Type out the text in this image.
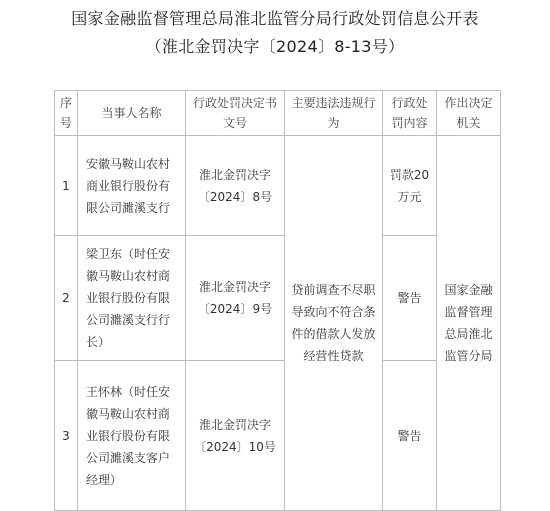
国家金融监督管理总局淮北监管分局行政处罚信息公开表
（淮北金罚决字〔2024〕8-13号）
序号	当事人名称	行政处罚决定书文号	主要违法违规行为	行政处罚内容	作出决定机关
1	安徽马鞍山农村商业银行股份有限公司濉溪支行	淮北金罚决字〔2024〕8号	贷前调查不尽职导致向不符合条件的借款人发放经营性贷款	罚款20万元	国家金融监督管理总局淮北监管分局
2	梁卫东（时任安徽马鞍山农村商业银行股份有限公司濉溪支行行长）	淮北金罚决字〔2024〕9号		警告	
3	王怀林（时任安徽马鞍山农村商业银行股份有限公司濉溪支客户经理）	淮北金罚决字〔2024〕10号		警告	
